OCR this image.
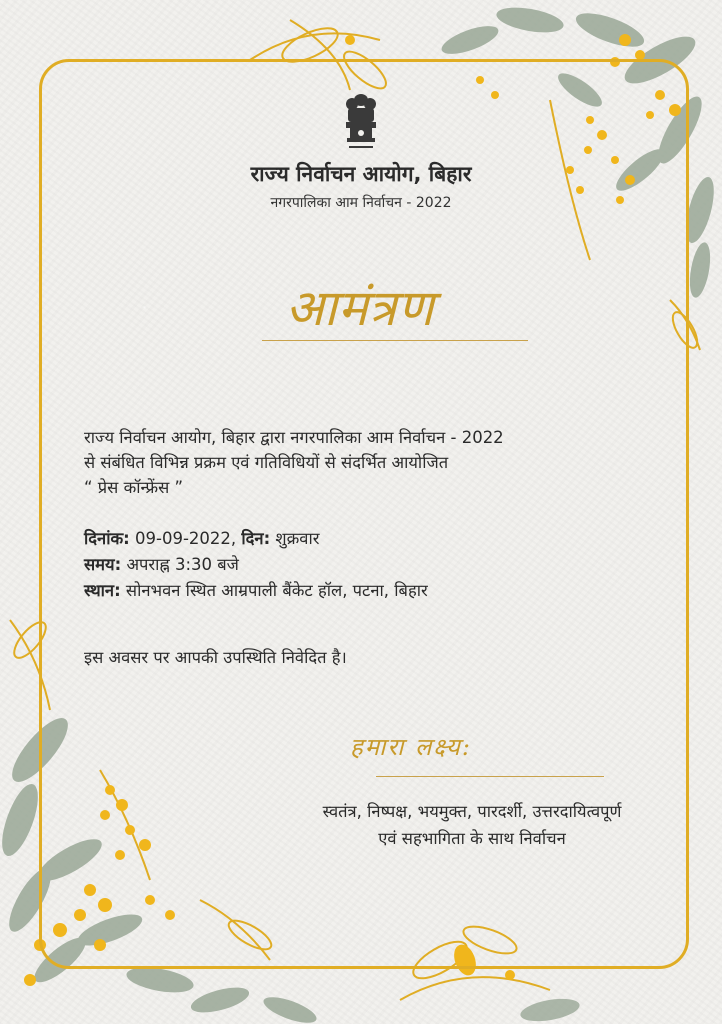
राज्य निर्वाचन आयोग, बिहार
नगरपालिका आम निर्वाचन - 2022
आमंत्रण
राज्य निर्वाचन आयोग, बिहार द्वारा नगरपालिका आम निर्वाचन - 2022
से संबंधित विभिन्न प्रक्रम एवं गतिविधियों से संदर्भित आयोजित
“ प्रेस कॉन्फ्रेंस ”
दिनांक: 09-09-2022, दिन: शुक्रवार
समय: अपराह्न 3:30 बजे
स्थान: सोनभवन स्थित आम्रपाली बैंकेट हॉल, पटना, बिहार
इस अवसर पर आपकी उपस्थिति निवेदित है।
हमारा लक्ष्य:
स्वतंत्र, निष्पक्ष, भयमुक्त, पारदर्शी, उत्तरदायित्वपूर्ण
एवं सहभागिता के साथ निर्वाचन
